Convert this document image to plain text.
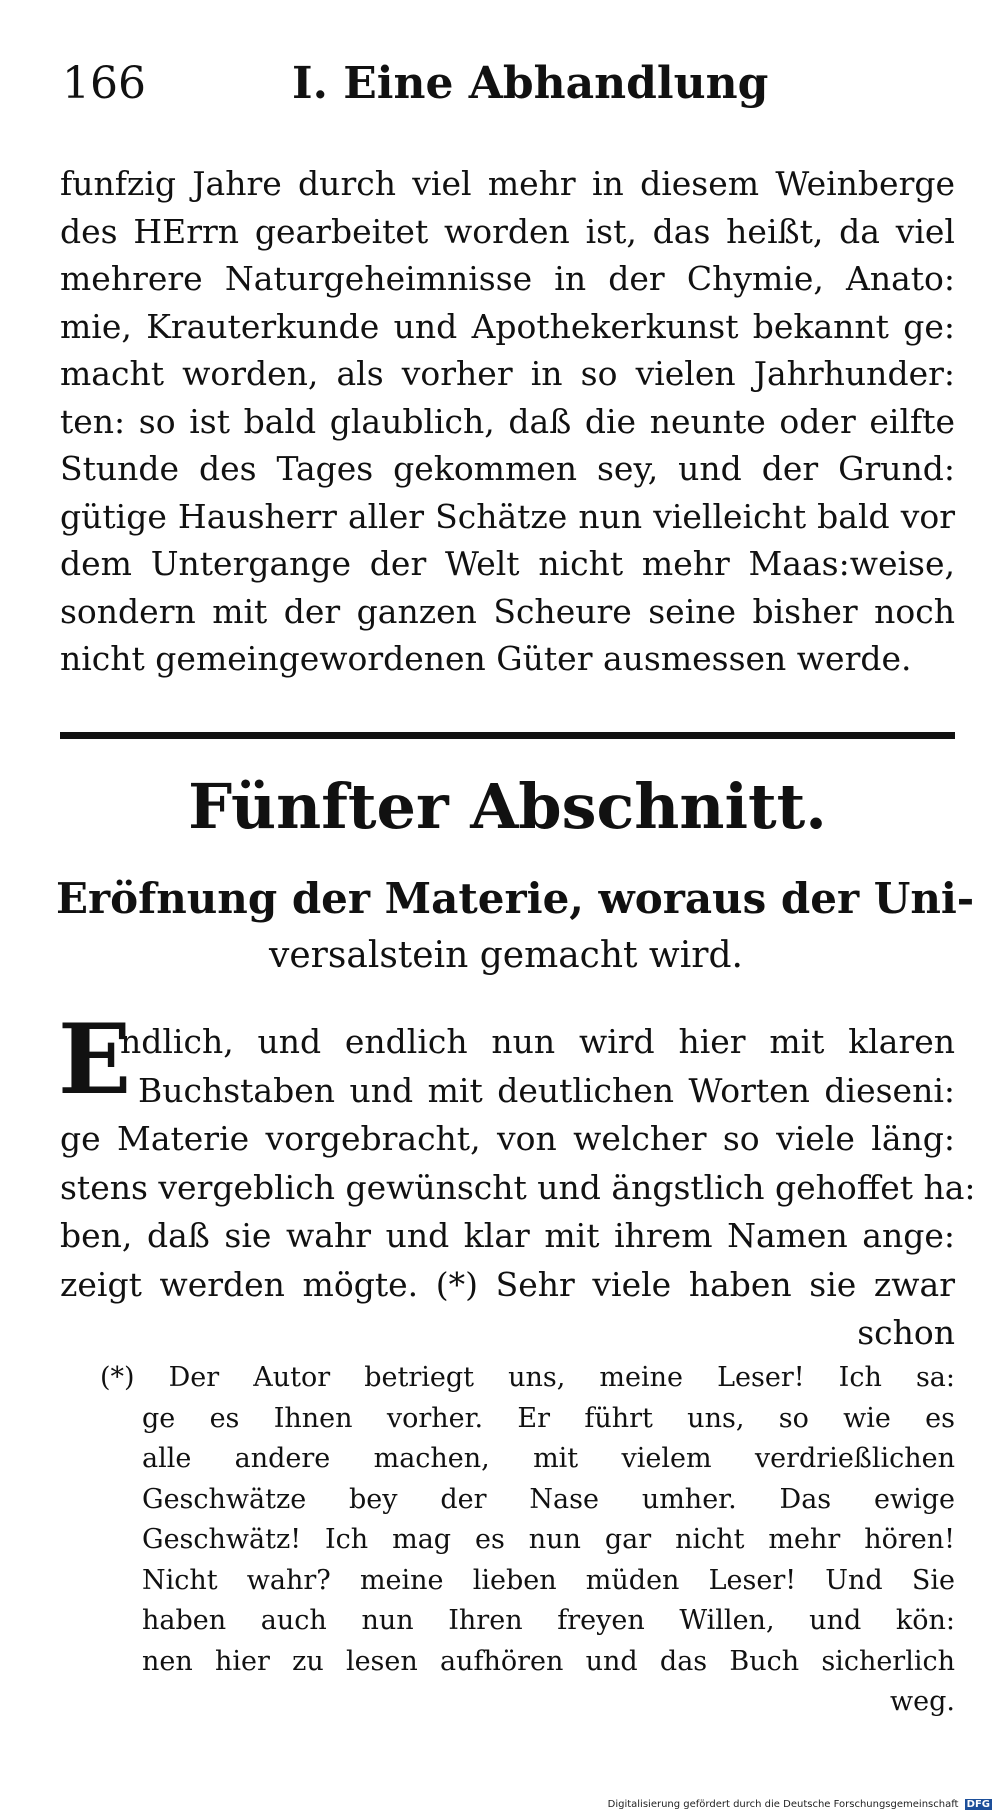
166	I. Eine Abhandlung
funfzig Jahre durch viel mehr in diesem Weinberge
des HErrn gearbeitet worden ist, das heißt, da viel
mehrere Naturgeheimnisse in der Chymie, Anato:
mie, Krauterkunde und Apothekerkunst bekannt ge:
macht worden, als vorher in so vielen Jahrhunder:
ten: so ist bald glaublich, daß die neunte oder eilfte
Stunde des Tages gekommen sey, und der Grund:
gütige Hausherr aller Schätze nun vielleicht bald vor
dem Untergange der Welt nicht mehr Maas:weise,
sondern mit der ganzen Scheure seine bisher noch
nicht gemeingewordenen Güter ausmessen werde.
Fünfter Abschnitt.
Eröfnung der Materie, woraus der Uni-
versalstein gemacht wird.
E
ndlich, und endlich nun wird hier mit klaren
Buchstaben und mit deutlichen Worten dieseni:
ge Materie vorgebracht, von welcher so viele läng:
stens vergeblich gewünscht und ängstlich gehoffet ha:
ben, daß sie wahr und klar mit ihrem Namen ange:
zeigt werden mögte. (*) Sehr viele haben sie zwar
schon
(*) Der Autor betriegt uns, meine Leser! Ich sa:
ge es Ihnen vorher. Er führt uns, so wie es
alle andere machen, mit vielem verdrießlichen
Geschwätze bey der Nase umher. Das ewige
Geschwätz! Ich mag es nun gar nicht mehr hören!
Nicht wahr? meine lieben müden Leser! Und Sie
haben auch nun Ihren freyen Willen, und kön:
nen hier zu lesen aufhören und das Buch sicherlich
weg.
Digitalisierung gefördert durch die Deutsche Forschungsgemeinschaft DFG
